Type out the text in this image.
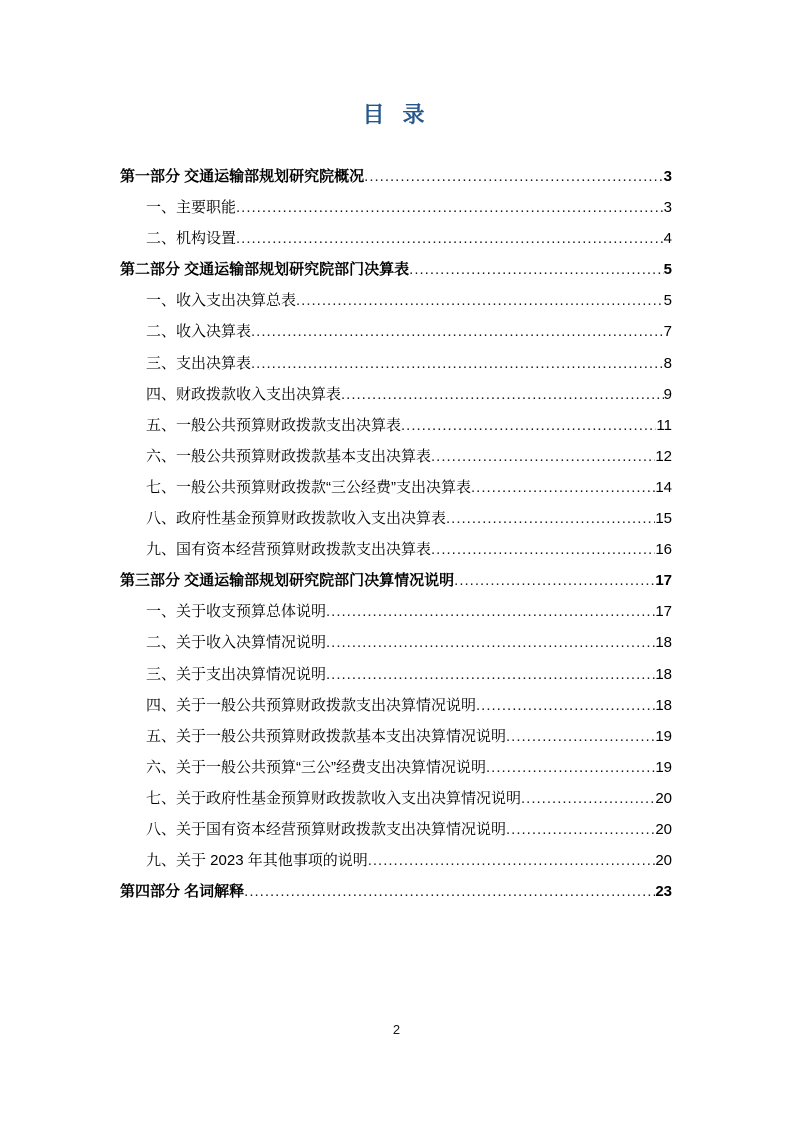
目 录
第一部分 交通运输部规划研究院概况 .....	3
一、主要职能 .....	3
二、机构设置 .....	4
第二部分 交通运输部规划研究院部门决算表 .....	5
一、收入支出决算总表 .....	5
二、收入决算表 .....	7
三、支出决算表 .....	8
四、财政拨款收入支出决算表 .....	9
五、一般公共预算财政拨款支出决算表 .....	11
六、一般公共预算财政拨款基本支出决算表 .....	12
七、一般公共预算财政拨款“三公经费”支出决算表 .....	14
八、政府性基金预算财政拨款收入支出决算表 .....	15
九、国有资本经营预算财政拨款支出决算表 .....	16
第三部分 交通运输部规划研究院部门决算情况说明 .....	17
一、关于收支预算总体说明 .....	17
二、关于收入决算情况说明 .....	18
三、关于支出决算情况说明 .....	18
四、关于一般公共预算财政拨款支出决算情况说明 .....	18
五、关于一般公共预算财政拨款基本支出决算情况说明 .....	19
六、关于一般公共预算“三公”经费支出决算情况说明 .....	19
七、关于政府性基金预算财政拨款收入支出决算情况说明 .....	20
八、关于国有资本经营预算财政拨款支出决算情况说明 .....	20
九、关于 2023 年其他事项的说明 .....	20
第四部分 名词解释 .....	23
2
